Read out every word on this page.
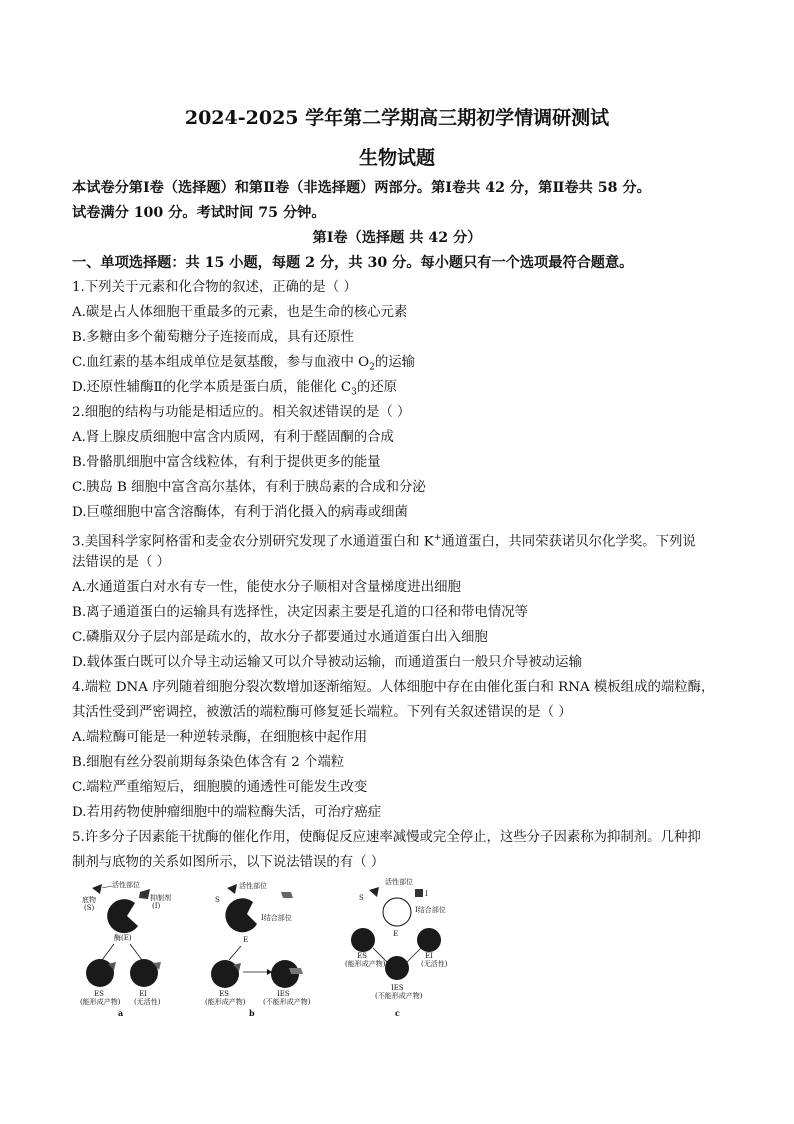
2024-2025 学年第二学期高三期初学情调研测试
生物试题
本试卷分第Ⅰ卷（选择题）和第Ⅱ卷（非选择题）两部分。第Ⅰ卷共 42 分，第Ⅱ卷共 58 分。
试卷满分 100 分。考试时间 75 分钟。
第Ⅰ卷（选择题 共 42 分）
一、单项选择题：共 15 小题，每题 2 分，共 30 分。每小题只有一个选项最符合题意。
1.下列关于元素和化合物的叙述，正确的是（ ）
A.碳是占人体细胞干重最多的元素，也是生命的核心元素
B.多糖由多个葡萄糖分子连接而成，具有还原性
C.血红素的基本组成单位是氨基酸，参与血液中 $O_2$的运输
D.还原性辅酶Ⅱ的化学本质是蛋白质，能催化 $C_3$的还原
2.细胞的结构与功能是相适应的。相关叙述错误的是（ ）
A.肾上腺皮质细胞中富含内质网，有利于醛固酮的合成
B.骨骼肌细胞中富含线粒体，有利于提供更多的能量
C.胰岛 B 细胞中富含高尔基体，有利于胰岛素的合成和分泌
D.巨噬细胞中富含溶酶体，有利于消化摄入的病毒或细菌
3.美国科学家阿格雷和麦金农分别研究发现了水通道蛋白和 K+通道蛋白，共同荣获诺贝尔化学奖。下列说
法错误的是（ ）
A.水通道蛋白对水有专一性，能使水分子顺相对含量梯度进出细胞
B.离子通道蛋白的运输具有选择性，决定因素主要是孔道的口径和带电情况等
C.磷脂双分子层内部是疏水的，故水分子都要通过水通道蛋白出入细胞
D.载体蛋白既可以介导主动运输又可以介导被动运输，而通道蛋白一般只介导被动运输
4.端粒 DNA 序列随着细胞分裂次数增加逐渐缩短。人体细胞中存在由催化蛋白和 RNA 模板组成的端粒酶，
其活性受到严密调控，被激活的端粒酶可修复延长端粒。下列有关叙述错误的是（ ）
A.端粒酶可能是一种逆转录酶，在细胞核中起作用
B.细胞有丝分裂前期每条染色体含有 2 个端粒
C.端粒严重缩短后，细胞膜的通透性可能发生改变
D.若用药物使肿瘤细胞中的端粒酶失活，可治疗癌症
5.许多分子因素能干扰酶的催化作用，使酶促反应速率减慢或完全停止，这些分子因素称为抑制剂。几种抑
制剂与底物的关系如图所示，以下说法错误的有（ ）
活性部位
底物
(S)
抑制剂
(I)
酶(E)
ES
(能形成产物)
EI
(无活性)
a
活性部位
S
I结合部位
E
ES
(能形成产物)
IES
(不能形成产物)
b
活性部位
S	I
I结合部位
E
ES
(能形成产物)
EI
(无活性)
IES
(不能形成产物)
c
